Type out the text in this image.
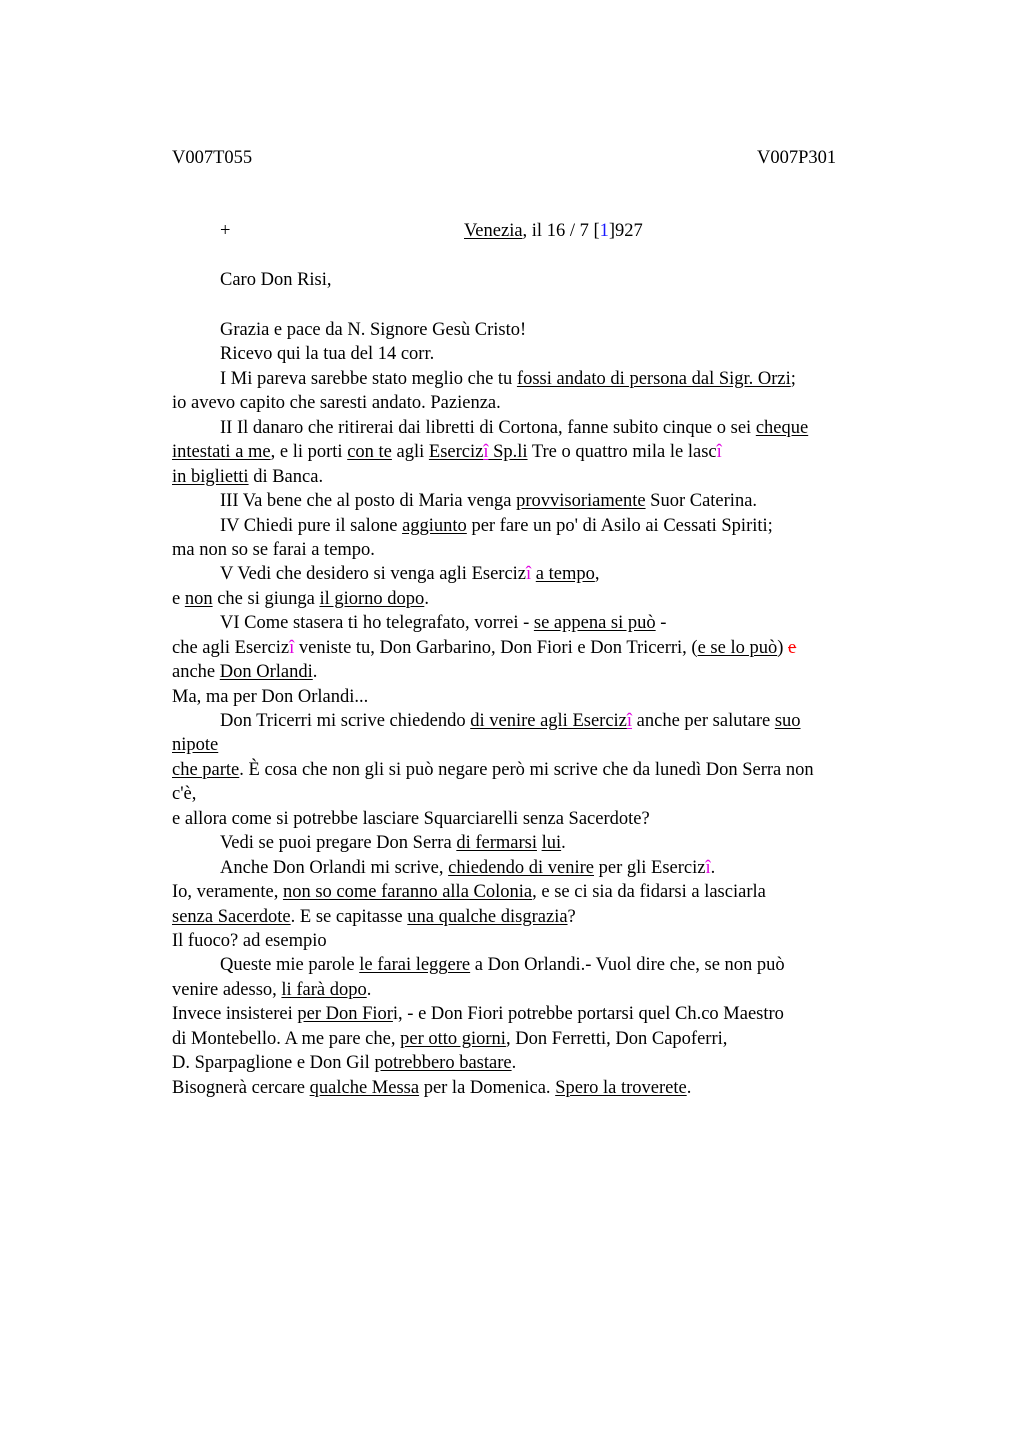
V007T055	V007P301
+	Venezia, il 16 / 7 [1]927
Caro Don Risi,
Grazia e pace da N. Signore Gesù Cristo!
Ricevo qui la tua del 14 corr.
I Mi pareva sarebbe stato meglio che tu fossi andato di persona dal Sigr. Orzi;
io avevo capito che saresti andato. Pazienza.
II Il danaro che ritirerai dai libretti di Cortona, fanne subito cinque o sei cheque
intestati a me, e li porti con te agli Esercizî Sp.li Tre o quattro mila le lascî
in biglietti di Banca.
III Va bene che al posto di Maria venga provvisoriamente Suor Caterina.
IV Chiedi pure il salone aggiunto per fare un po' di Asilo ai Cessati Spiriti;
ma non so se farai a tempo.
V Vedi che desidero si venga agli Esercizî a tempo,
e non che si giunga il giorno dopo.
VI Come stasera ti ho telegrafato, vorrei - se appena si può -
che agli Esercizî veniste tu, Don Garbarino, Don Fiori e Don Tricerri, (e se lo può) e
anche Don Orlandi.
Ma, ma per Don Orlandi...
Don Tricerri mi scrive chiedendo di venire agli Esercizî anche per salutare suo
nipote
che parte. È cosa che non gli si può negare però mi scrive che da lunedì Don Serra non
c'è,
e allora come si potrebbe lasciare Squarciarelli senza Sacerdote?
Vedi se puoi pregare Don Serra di fermarsi lui.
Anche Don Orlandi mi scrive, chiedendo di venire per gli Esercizî.
Io, veramente, non so come faranno alla Colonia, e se ci sia da fidarsi a lasciarla
senza Sacerdote. E se capitasse una qualche disgrazia?
Il fuoco? ad esempio
Queste mie parole le farai leggere a Don Orlandi.- Vuol dire che, se non può
venire adesso, li farà dopo.
Invece insisterei per Don Fiori, - e Don Fiori potrebbe portarsi quel Ch.co Maestro
di Montebello. A me pare che, per otto giorni, Don Ferretti, Don Capoferri,
D. Sparpaglione e Don Gil potrebbero bastare.
Bisognerà cercare qualche Messa per la Domenica. Spero la troverete.
